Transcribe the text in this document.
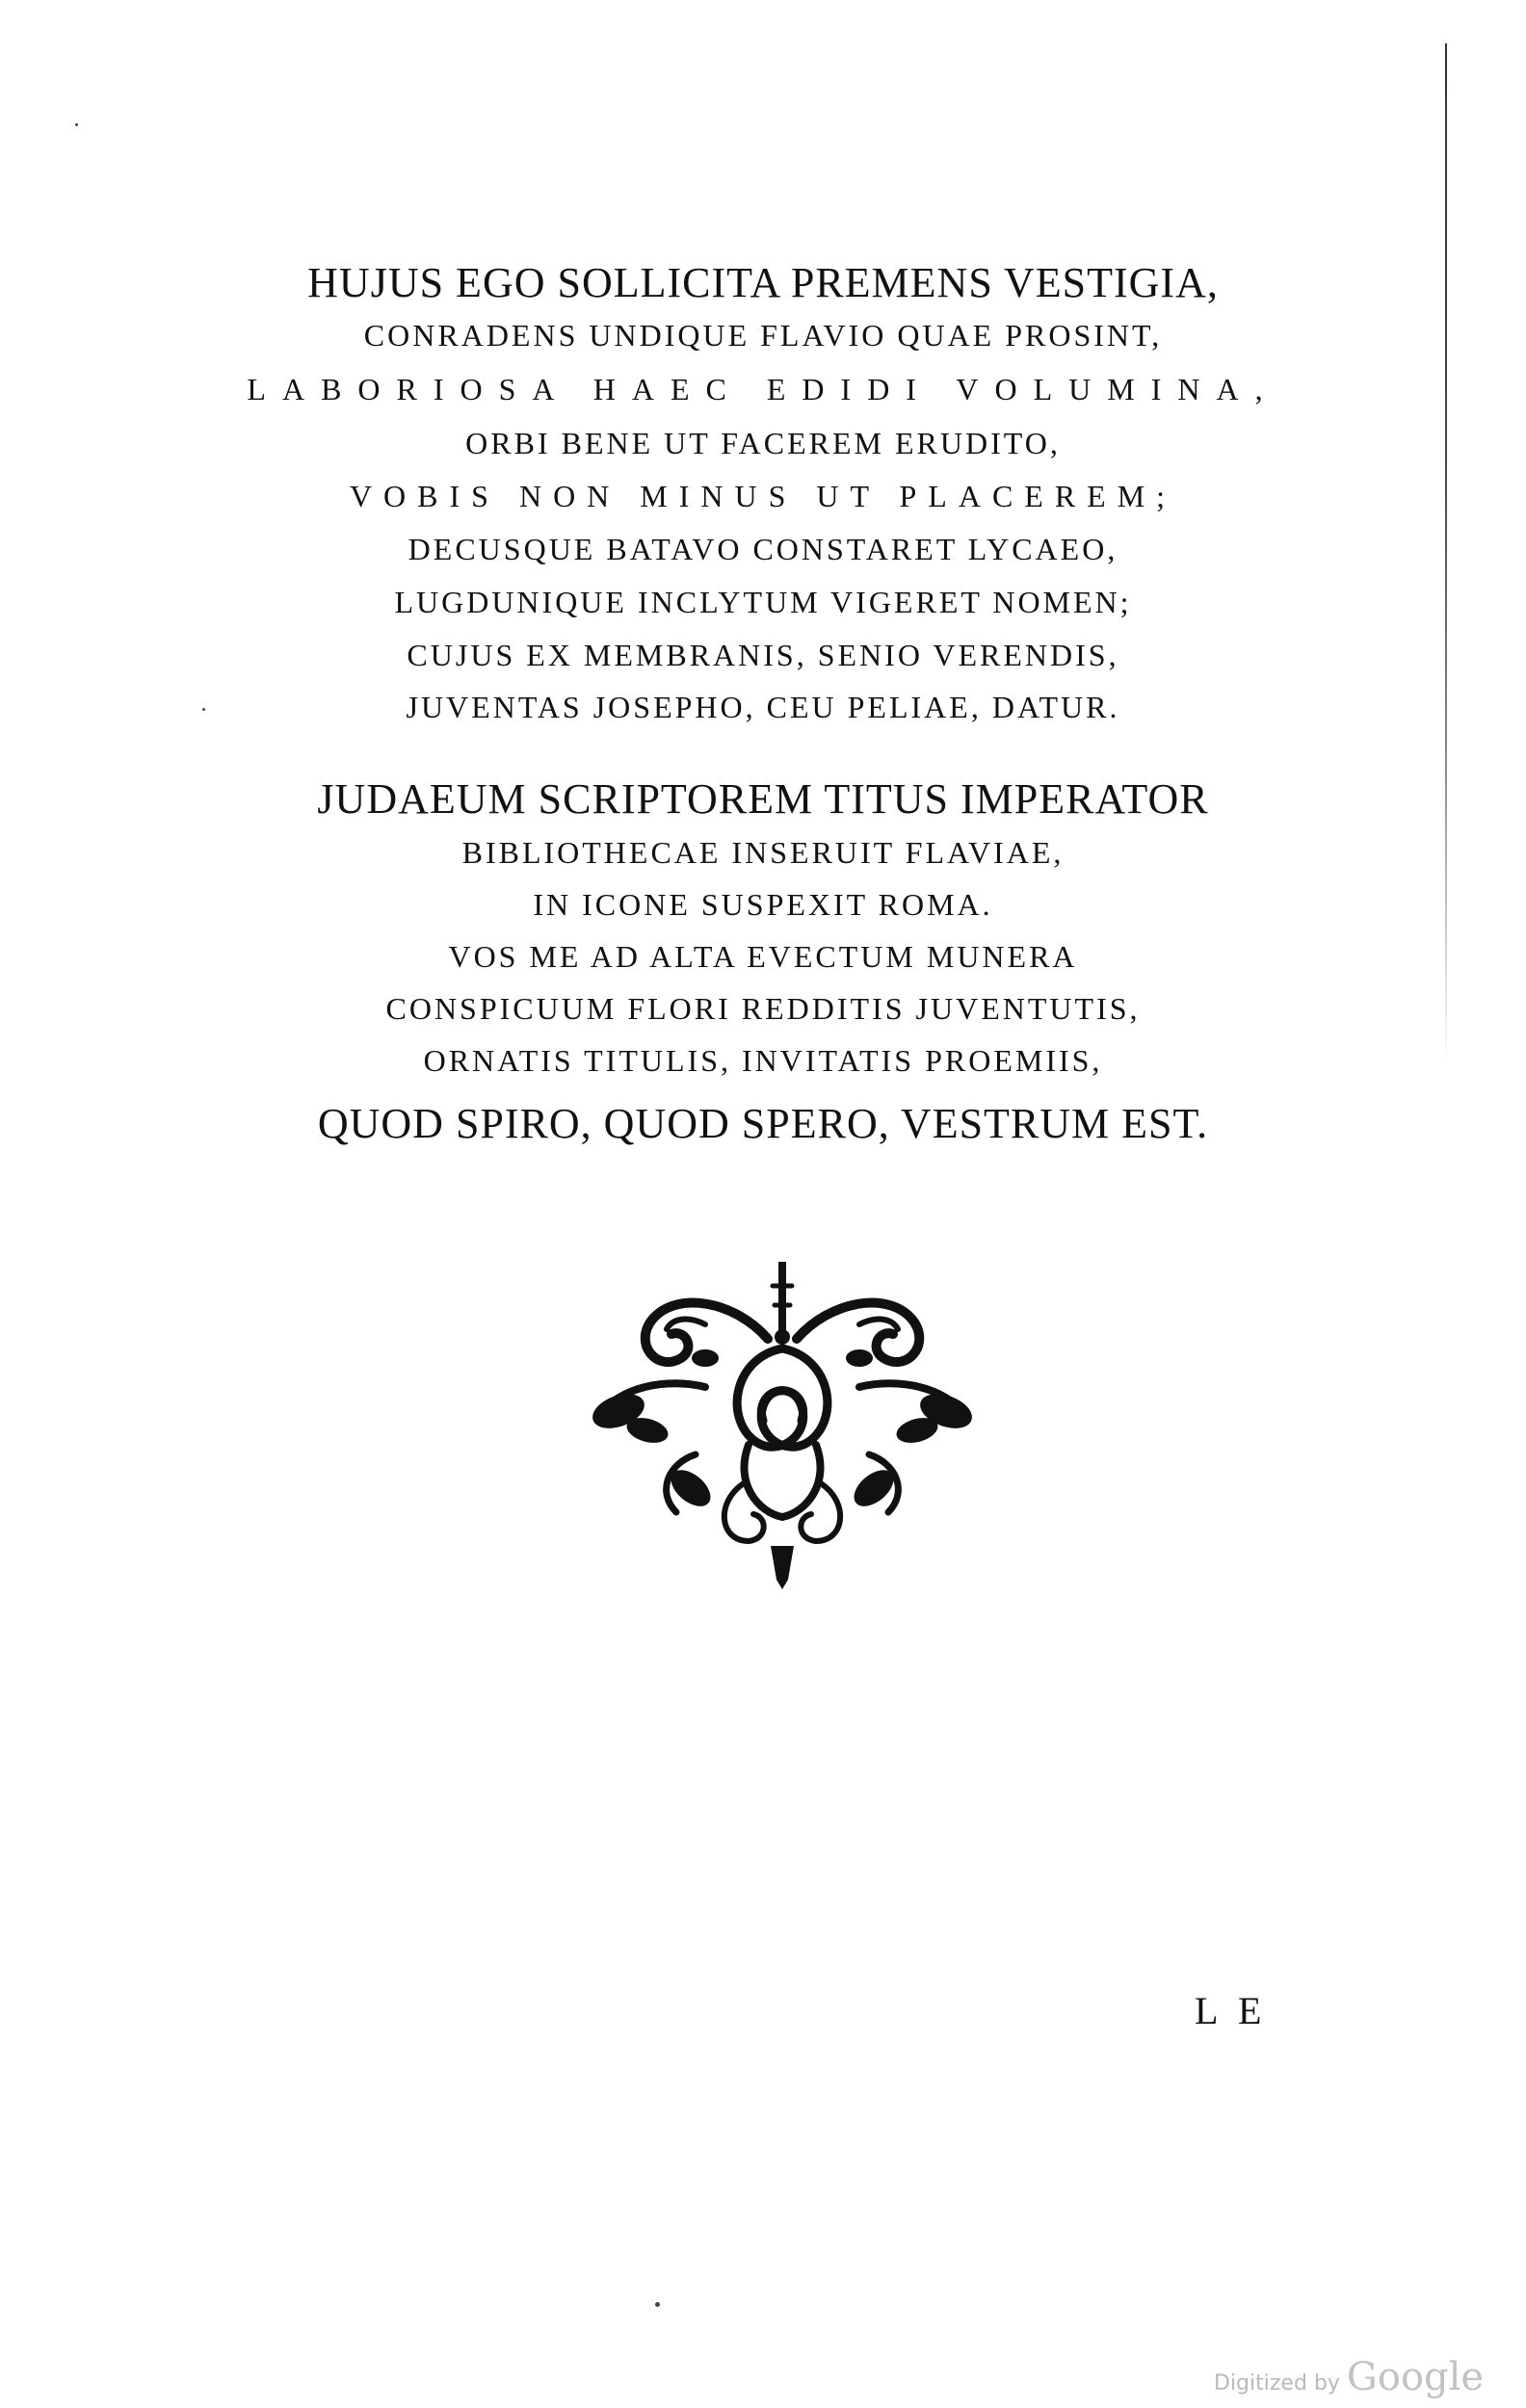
HUJUS EGO SOLLICITA PREMENS VESTIGIA,
CONRADENS UNDIQUE FLAVIO QUAE PROSINT,
LABORIOSA HAEC EDIDI VOLUMINA,
ORBI BENE UT FACEREM ERUDITO,
VOBIS NON MINUS UT PLACEREM;
DECUSQUE BATAVO CONSTARET LYCAEO,
LUGDUNIQUE INCLYTUM VIGERET NOMEN;
CUJUS EX MEMBRANIS, SENIO VERENDIS,
JUVENTAS JOSEPHO, CEU PELIAE, DATUR.
JUDAEUM SCRIPTOREM TITUS IMPERATOR
BIBLIOTHECAE INSERUIT FLAVIAE,
IN ICONE SUSPEXIT ROMA.
VOS ME AD ALTA EVECTUM MUNERA
CONSPICUUM FLORI REDDITIS JUVENTUTIS,
ORNATIS TITULIS, INVITATIS PROEMIIS,
QUOD SPIRO, QUOD SPERO, VESTRUM EST.
L E
Digitized by Google
